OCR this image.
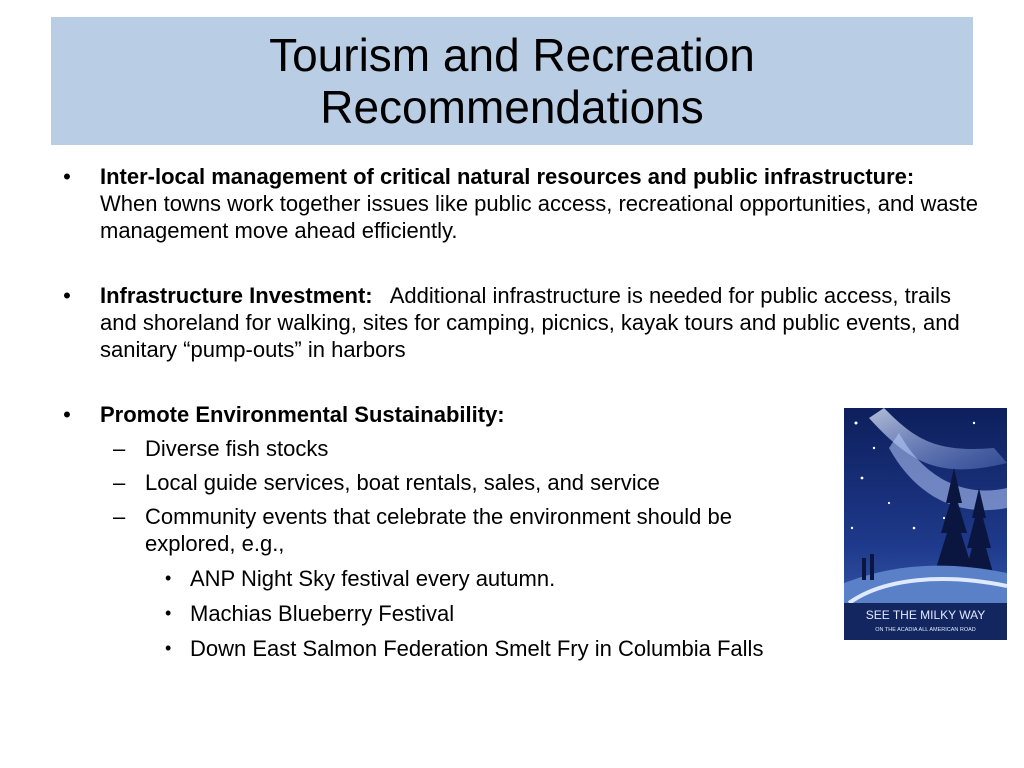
Tourism and Recreation
Recommendations
• Inter-local management of critical natural resources and public infrastructure:  When towns work together issues like public access, recreational opportunities, and waste management move ahead efficiently.
• Infrastructure Investment: Additional infrastructure is needed for public access, trails and shoreland for walking, sites for camping, picnics, kayak tours and public events, and sanitary “pump-outs” in harbors
• Promote Environmental Sustainability:
– Diverse fish stocks
– Local guide services, boat rentals, sales, and service
– Community events that celebrate the environment should be explored, e.g.,
• ANP Night Sky festival every autumn.
• Machias Blueberry Festival
• Down East Salmon Federation Smelt Fry in Columbia Falls
SEE THE MILKY WAY
ON THE ACADIA ALL AMERICAN ROAD
